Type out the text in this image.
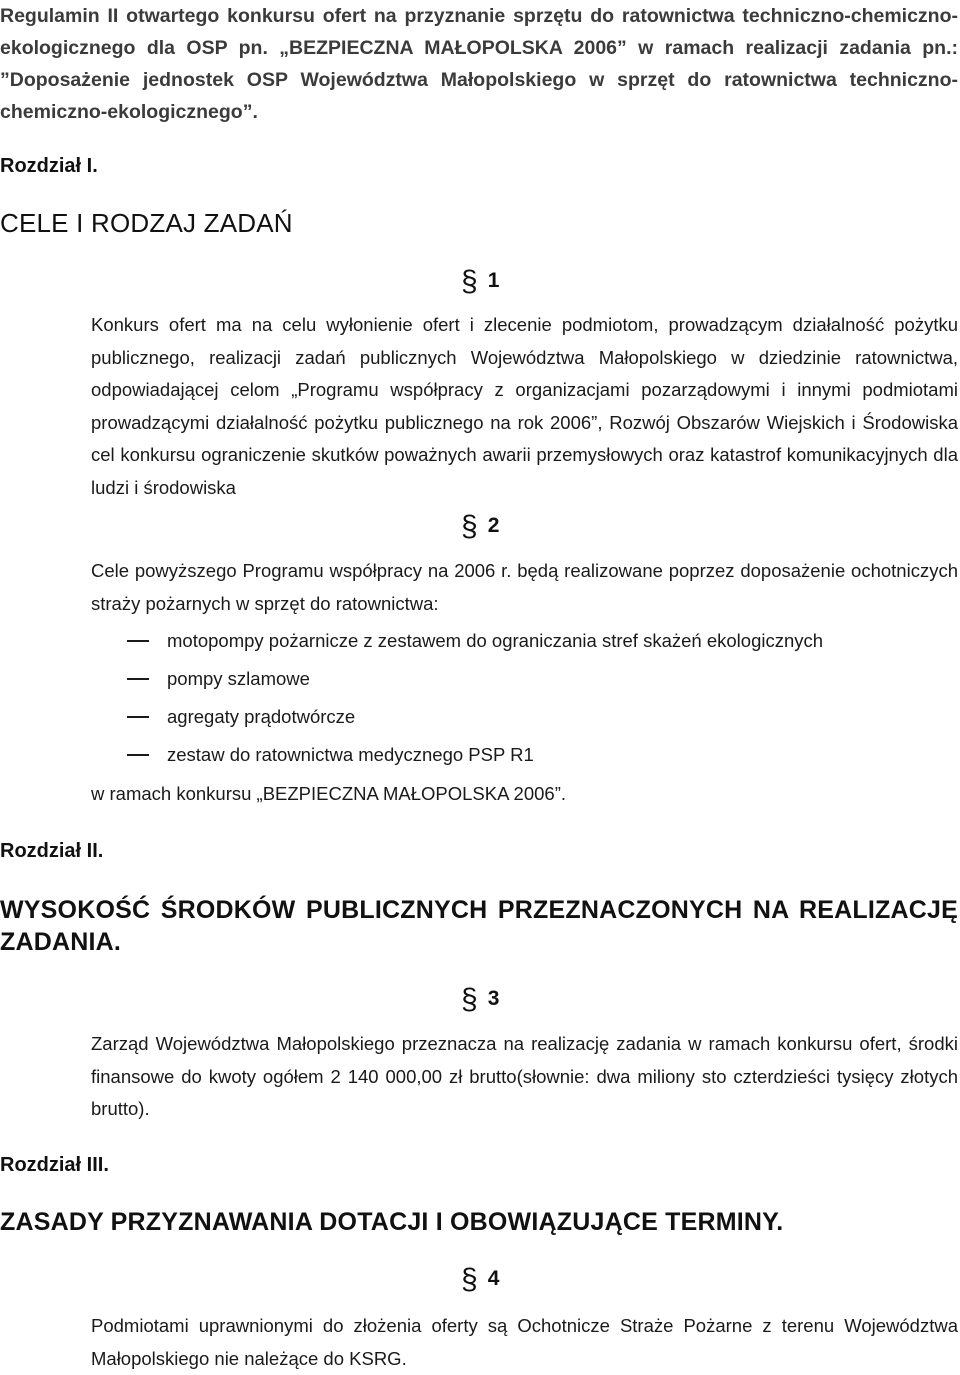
Regulamin II otwartego konkursu ofert na przyznanie sprzętu do ratownictwa techniczno-chemiczno-ekologicznego dla OSP pn. „BEZPIECZNA MAŁOPOLSKA 2006” w ramach realizacji zadania pn.: ”Doposażenie jednostek OSP Województwa Małopolskiego w sprzęt do ratownictwa techniczno-chemiczno-ekologicznego”.
Rozdział I.
CELE I RODZAJ ZADAŃ
§ 1
Konkurs ofert ma na celu wyłonienie ofert i zlecenie podmiotom, prowadzącym działalność pożytku publicznego, realizacji zadań publicznych Województwa Małopolskiego w dziedzinie ratownictwa, odpowiadającej celom „Programu współpracy z organizacjami pozarządowymi i innymi podmiotami prowadzącymi działalność pożytku publicznego na rok 2006”, Rozwój Obszarów Wiejskich i Środowiska cel konkursu ograniczenie skutków poważnych awarii przemysłowych oraz katastrof komunikacyjnych dla ludzi i środowiska
§ 2
Cele powyższego Programu współpracy na 2006 r. będą realizowane poprzez doposażenie ochotniczych straży pożarnych w sprzęt do ratownictwa:
motopompy pożarnicze z zestawem do ograniczania stref skażeń ekologicznych
pompy szlamowe
agregaty prądotwórcze
zestaw do ratownictwa medycznego PSP R1
w ramach konkursu „BEZPIECZNA MAŁOPOLSKA 2006”.
Rozdział II.
WYSOKOŚĆ ŚRODKÓW PUBLICZNYCH PRZEZNACZONYCH NA REALIZACJĘ ZADANIA.
§ 3
Zarząd Województwa Małopolskiego przeznacza na realizację zadania w ramach konkursu ofert, środki finansowe do kwoty ogółem 2 140 000,00 zł brutto(słownie: dwa miliony sto czterdzieści tysięcy złotych brutto).
Rozdział III.
ZASADY PRZYZNAWANIA DOTACJI I OBOWIĄZUJĄCE TERMINY.
§ 4
Podmiotami uprawnionymi do złożenia oferty są Ochotnicze Straże Pożarne z terenu Województwa Małopolskiego nie należące do KSRG.
